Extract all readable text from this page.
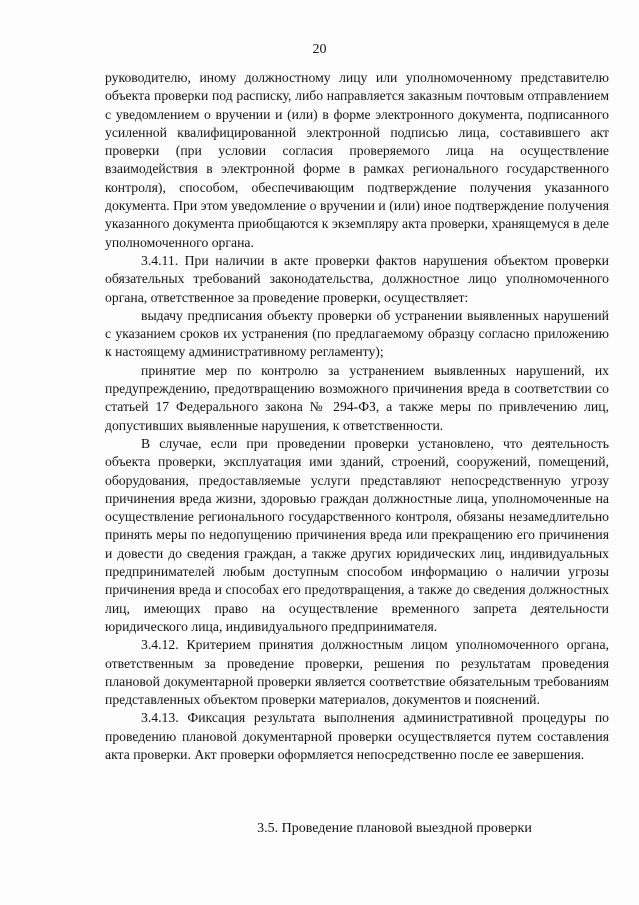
20

руководителю, иному должностному лицу или уполномоченному представителю объекта проверки под расписку, либо направляется заказным почтовым отправлением с уведомлением о вручении и (или) в форме электронного документа, подписанного усиленной квалифицированной электронной подписью лица, составившего акт проверки (при условии согласия проверяемого лица на осуществление взаимодействия в электронной форме в рамках регионального государственного контроля), способом, обеспечивающим подтверждение получения указанного документа. При этом уведомление о вручении и (или) иное подтверждение получения указанного документа приобщаются к экземпляру акта проверки, хранящемуся в деле уполномоченного органа.

3.4.11. При наличии в акте проверки фактов нарушения объектом проверки обязательных требований законодательства, должностное лицо уполномоченного органа, ответственное за проведение проверки, осуществляет:

выдачу предписания объекту проверки об устранении выявленных нарушений с указанием сроков их устранения (по предлагаемому образцу согласно приложению к настоящему административному регламенту);

принятие мер по контролю за устранением выявленных нарушений, их предупреждению, предотвращению возможного причинения вреда в соответствии со статьей 17 Федерального закона № 294-ФЗ, а также меры по привлечению лиц, допустивших выявленные нарушения, к ответственности.

В случае, если при проведении проверки установлено, что деятельность объекта проверки, эксплуатация ими зданий, строений, сооружений, помещений, оборудования, предоставляемые услуги представляют непосредственную угрозу причинения вреда жизни, здоровью граждан должностные лица, уполномоченные на осуществление регионального государственного контроля, обязаны незамедлительно принять меры по недопущению причинения вреда или прекращению его причинения и довести до сведения граждан, а также других юридических лиц, индивидуальных предпринимателей любым доступным способом информацию о наличии угрозы причинения вреда и способах его предотвращения, а также до сведения должностных лиц, имеющих право на осуществление временного запрета деятельности юридического лица, индивидуального предпринимателя.

3.4.12. Критерием принятия должностным лицом уполномоченного органа, ответственным за проведение проверки, решения по результатам проведения плановой документарной проверки является соответствие обязательным требованиям представленных объектом проверки материалов, документов и пояснений.

3.4.13. Фиксация результата выполнения административной процедуры по проведению плановой документарной проверки осуществляется путем составления акта проверки. Акт проверки оформляется непосредственно после ее завершения.

3.5. Проведение плановой выездной проверки
